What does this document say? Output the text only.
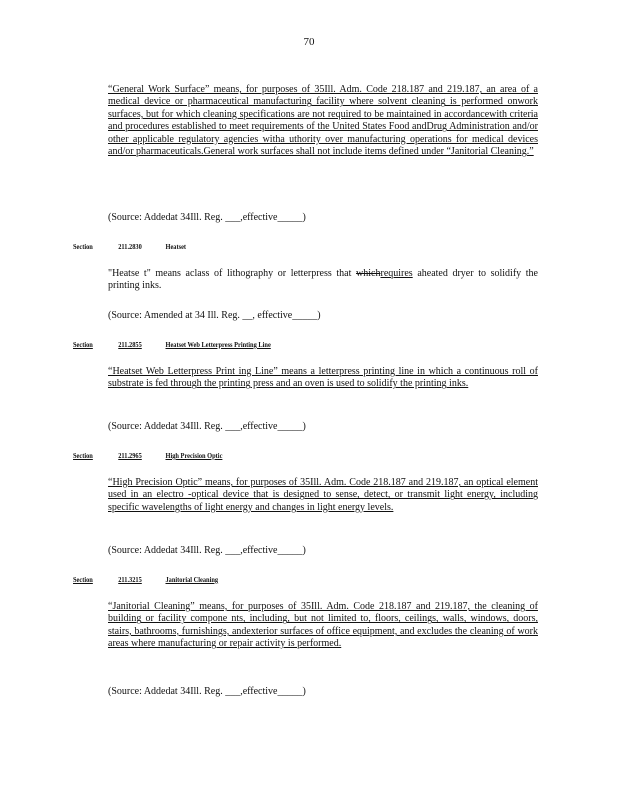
70
“General Work Surface” means, for purposes of 35Ill. Adm. Code 218.187 and 219.187, an area of a medical device or pharmaceutical manufacturing facility where solvent cleaning is performed onwork surfaces, but for which cleaning specifications are not required to be maintained in accordancewith criteria and procedures established to meet requirements of the United States Food andDrug Administration and/or other applicable regulatory agencies witha uthority over manufacturing operations for medical devices and/or pharmaceuticals.General work surfaces shall not include items defined under “Janitorial Cleaning.”
(Source: Addedat 34Ill. Reg. ___,effective_____)
Section	211.2830	Heatset
"Heatse t" means aclass of lithography or letterpress that whichrequires aheated dryer to solidify the printing inks.
(Source: Amended at 34 Ill. Reg. __, effective_____)
Section	211.2855	Heatset Web Letterpress Printing Line
“Heatset Web Letterpress Print ing Line” means a letterpress printing line in which a continuous roll of substrate is fed through the printing press and an oven is used to solidify the printing inks.
(Source: Addedat 34Ill. Reg. ___,effective_____)
Section	211.2965	High Precision Optic
“High Precision Optic” means, for purposes of 35Ill. Adm. Code 218.187 and 219.187, an optical element used in an electro -optical device that is designed to sense, detect, or transmit light energy, including specific wavelengths of light energy and changes in light energy levels.
(Source: Addedat 34Ill. Reg. ___,effective_____)
Section	211.3215	Janitorial Cleaning
“Janitorial Cleaning” means, for purposes of 35Ill. Adm. Code 218.187 and 219.187, the cleaning of building or facility compone nts, including, but not limited to, floors, ceilings, walls, windows, doors, stairs, bathrooms, furnishings, andexterior surfaces of office equipment, and excludes the cleaning of work areas where manufacturing or repair activity is performed.
(Source: Addedat 34Ill. Reg. ___,effective_____)
